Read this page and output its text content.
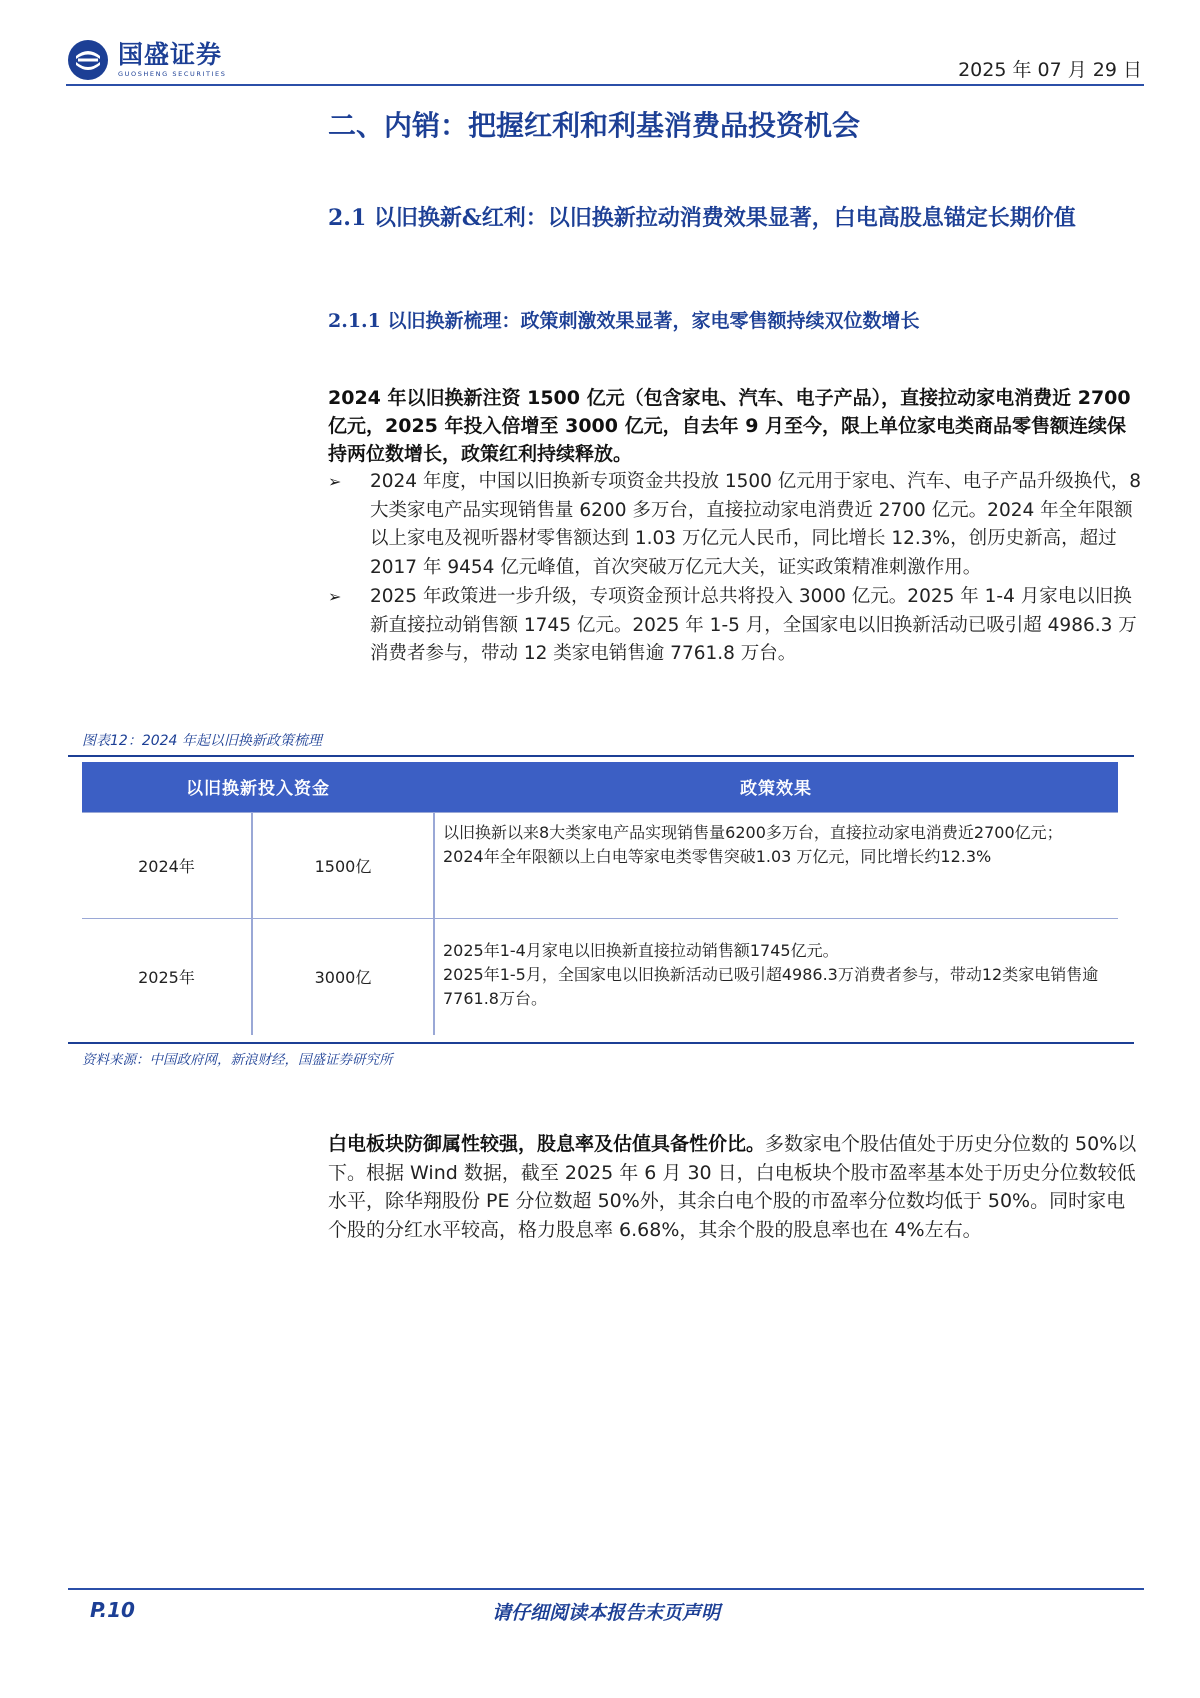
国盛证券
GUOSHENG SECURITIES	2025 年 07 月 29 日
二、内销：把握红利和利基消费品投资机会
2.1 以旧换新&红利：以旧换新拉动消费效果显著，白电高股息锚定长期价值
2.1.1 以旧换新梳理：政策刺激效果显著，家电零售额持续双位数增长
2024 年以旧换新注资 1500 亿元（包含家电、汽车、电子产品），直接拉动家电消费近 2700 亿元，2025 年投入倍增至 3000 亿元，自去年 9 月至今，限上单位家电类商品零售额连续保持两位数增长，政策红利持续释放。
➢ 2024 年度，中国以旧换新专项资金共投放 1500 亿元用于家电、汽车、电子产品升级换代，8 大类家电产品实现销售量 6200 多万台，直接拉动家电消费近 2700 亿元。2024 年全年限额以上家电及视听器材零售额达到 1.03 万亿元人民币，同比增长 12.3%，创历史新高，超过 2017 年 9454 亿元峰值，首次突破万亿元大关，证实政策精准刺激作用。
➢ 2025 年政策进一步升级，专项资金预计总共将投入 3000 亿元。2025 年 1-4 月家电以旧换新直接拉动销售额 1745 亿元。2025 年 1-5 月，全国家电以旧换新活动已吸引超 4986.3 万消费者参与，带动 12 类家电销售逾 7761.8 万台。
图表12：2024 年起以旧换新政策梳理
以旧换新投入资金 政策效果		

2024年	1500亿	以旧换新以来8大类家电产品实现销售量6200多万台，直接拉动家电消费近2700亿元；
2024年全年限额以上白电等家电类零售突破1.03 万亿元，同比增长约12.3%

2025年	3000亿	2025年1-4月家电以旧换新直接拉动销售额1745亿元。
2025年1-5月，全国家电以旧换新活动已吸引超4986.3万消费者参与，带动12类家电销售逾7761.8万台。
资料来源：中国政府网，新浪财经，国盛证券研究所
白电板块防御属性较强，股息率及估值具备性价比。多数家电个股估值处于历史分位数的 50%以下。根据 Wind 数据，截至 2025 年 6 月 30 日，白电板块个股市盈率基本处于历史分位数较低水平，除华翔股份 PE 分位数超 50%外，其余白电个股的市盈率分位数均低于 50%。同时家电个股的分红水平较高，格力股息率 6.68%，其余个股的股息率也在 4%左右。
P.10	请仔细阅读本报告末页声明
